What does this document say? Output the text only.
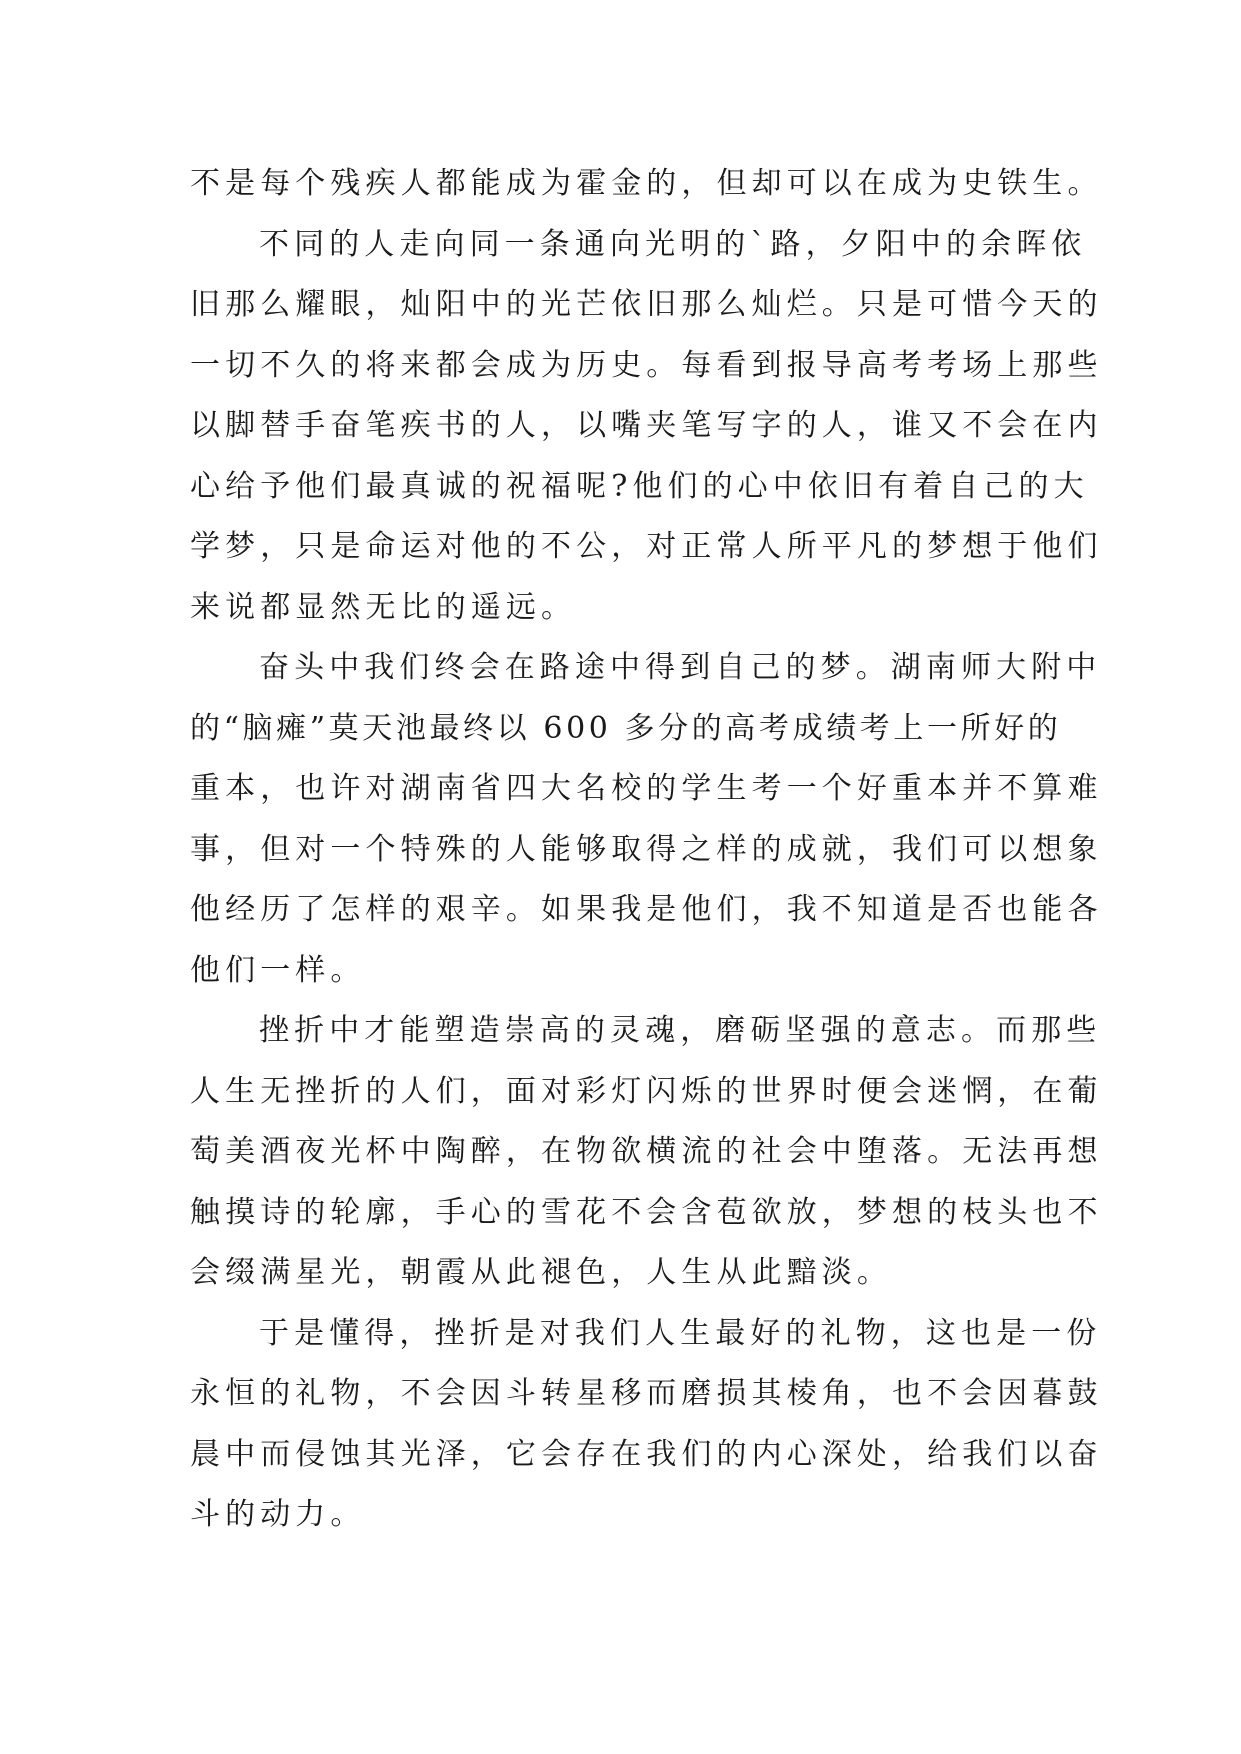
不是每个残疾人都能成为霍金的，但却可以在成为史铁生。
不同的人走向同一条通向光明的`路，夕阳中的余晖依
旧那么耀眼，灿阳中的光芒依旧那么灿烂。只是可惜今天的
一切不久的将来都会成为历史。每看到报导高考考场上那些
以脚替手奋笔疾书的人，以嘴夹笔写字的人，谁又不会在内
心给予他们最真诚的祝福呢?他们的心中依旧有着自己的大
学梦，只是命运对他的不公，对正常人所平凡的梦想于他们
来说都显然无比的遥远。
奋头中我们终会在路途中得到自己的梦。湖南师大附中
的“脑瘫”莫天池最终以 600 多分的高考成绩考上一所好的
重本，也许对湖南省四大名校的学生考一个好重本并不算难
事，但对一个特殊的人能够取得之样的成就，我们可以想象
他经历了怎样的艰辛。如果我是他们，我不知道是否也能各
他们一样。
挫折中才能塑造崇高的灵魂，磨砺坚强的意志。而那些
人生无挫折的人们，面对彩灯闪烁的世界时便会迷惘，在葡
萄美酒夜光杯中陶醉，在物欲横流的社会中堕落。无法再想
触摸诗的轮廓，手心的雪花不会含苞欲放，梦想的枝头也不
会缀满星光，朝霞从此褪色，人生从此黯淡。
于是懂得，挫折是对我们人生最好的礼物，这也是一份
永恒的礼物，不会因斗转星移而磨损其棱角，也不会因暮鼓
晨中而侵蚀其光泽，它会存在我们的内心深处，给我们以奋
斗的动力。
